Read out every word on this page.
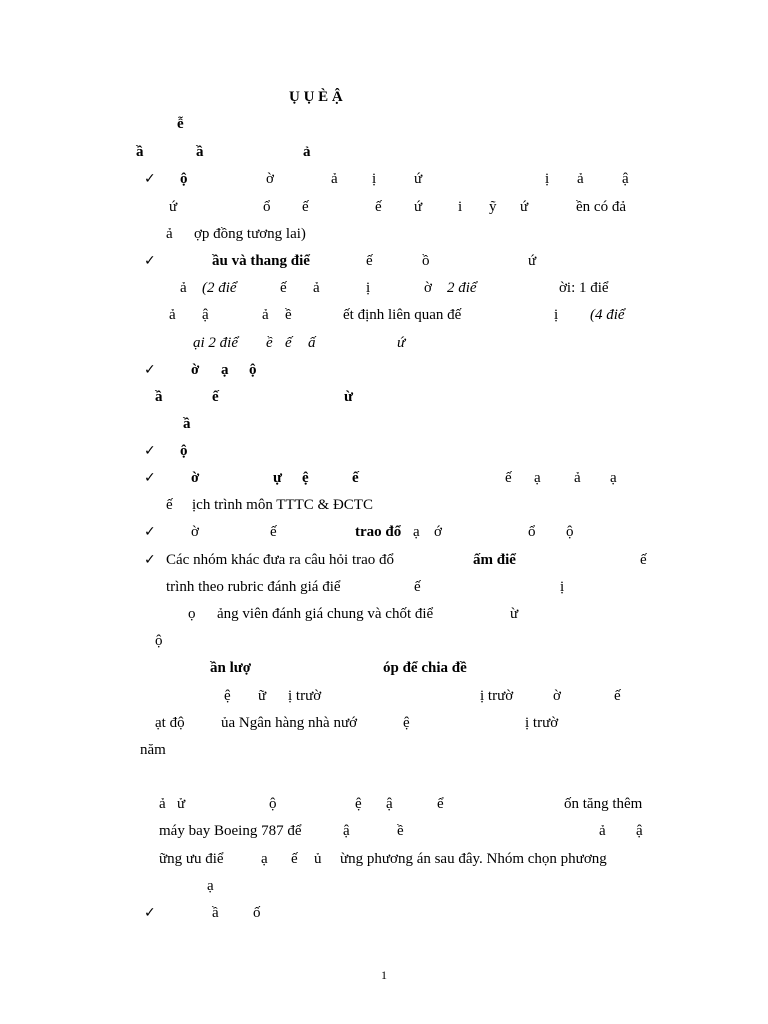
Ụ Ụ È Ậ
ễ
ầ	ầ	ả
✓ ộ	ờ	ả ị	ứ	ị ả	ậ
ứ	ổ ế	ế ứ i ỹ ứ	ền có đả
ả ợp đồng tương lai)
✓	ầu và thang điể	ế	ồ	ứ
ả (2 điể	ế ả	ị	ờ 2 điể	ời: 1 điể
ả ậ	ả ề	ết định liên quan đế	ị (4 điể
ại 2 điể ề ế ấ	ứ
✓ ờ ạ ộ
ầ	ế	ừ
ầ
✓ ộ
✓ ờ	ự ệ	ế	ế ạ ả ạ
ế ịch trình môn TTTC & ĐCTC
✓ ờ	ế	trao đổ ạ ớ	ổ ộ
✓ Các nhóm khác đưa ra câu hỏi trao đổ	ấm điể	ế
trình theo rubric đánh giá điể	ế	ị
ọ ảng viên đánh giá chung và chốt điể	ừ
ộ
ần lượ	óp để chia đề
ệ ữ ị trườ	ị trườ	ờ	ế
ạt độ ủa Ngân hàng nhà nướ	ệ	ị trườ
năm
ả ử	ộ	ệ ậ	ể	ốn tăng thêm
máy bay Boeing 787 để	ậ	ề	ả ậ
ững ưu điể ạ ế ủ ừng phương án sau đây. Nhóm chọn phương
ạ
✓	ầ ố
1
